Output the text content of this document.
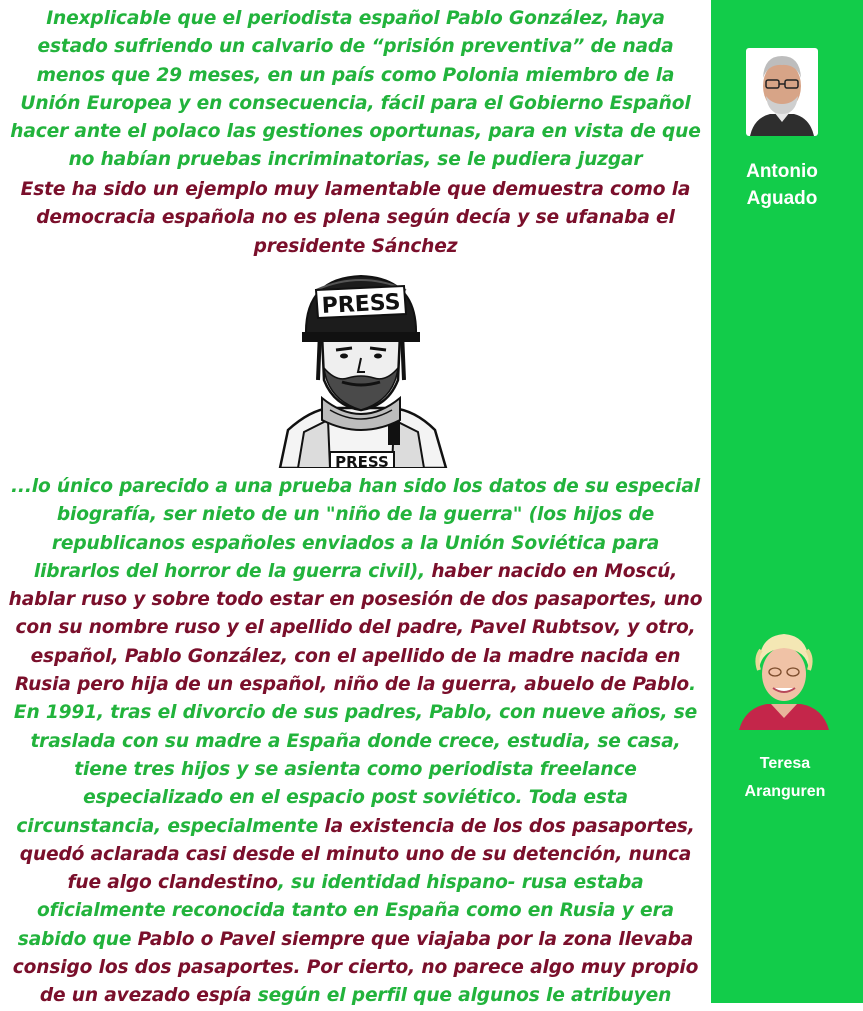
Inexplicable que el periodista español Pablo González, haya estado sufriendo un calvario de “prisión preventiva” de nada menos que 29 meses, en un país como Polonia miembro de la Unión Europea y en consecuencia, fácil para el Gobierno Español hacer ante el polaco las gestiones oportunas, para en vista de que no habían pruebas incriminatorias, se le pudiera juzgar

Este ha sido un ejemplo muy lamentable que demuestra como la democracia española no es plena según decía y se ufanaba el presidente Sánchez

PRESS
PRESS

...lo único parecido a una prueba han sido los datos de su especial biografía, ser nieto de un "niño de la guerra" (los hijos de republicanos españoles enviados a la Unión Soviética para librarlos del horror de la guerra civil), haber nacido en Moscú, hablar ruso y sobre todo estar en posesión de dos pasaportes, uno con su nombre ruso y el apellido del padre, Pavel Rubtsov, y otro, español, Pablo González, con el apellido de la madre nacida en Rusia pero hija de un español, niño de la guerra, abuelo de Pablo. En 1991, tras el divorcio de sus padres, Pablo, con nueve años, se traslada con su madre a España donde crece, estudia, se casa, tiene tres hijos y se asienta como periodista freelance especializado en el espacio post soviético. Toda esta circunstancia, especialmente la existencia de los dos pasaportes, quedó aclarada casi desde el minuto uno de su detención, nunca fue algo clandestino, su identidad hispano- rusa estaba oficialmente reconocida tanto en España como en Rusia y era sabido que Pablo o Pavel siempre que viajaba por la zona llevaba consigo los dos pasaportes. Por cierto, no parece algo muy propio de un avezado espía según el perfil que algunos le atribuyen

Antonio
Aguado
Teresa
Aranguren
